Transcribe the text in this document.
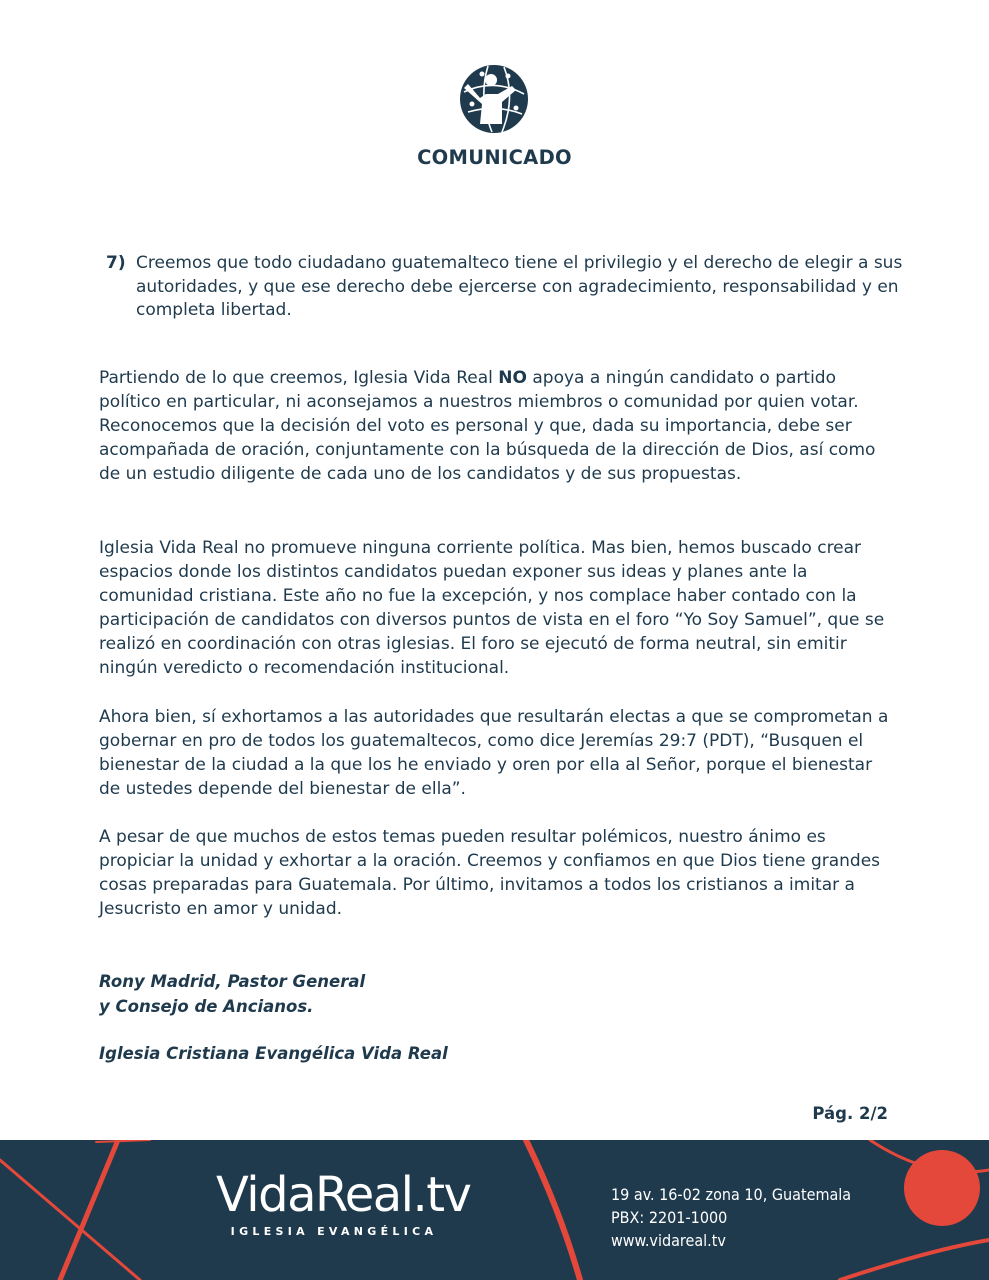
COMUNICADO
7) Creemos que todo ciudadano guatemalteco tiene el privilegio y el derecho de elegir a sus autoridades, y que ese derecho debe ejercerse con agradecimiento, responsabilidad y en completa libertad.

Partiendo de lo que creemos, Iglesia Vida Real NO apoya a ningún candidato o partido político en particular, ni aconsejamos a nuestros miembros o comunidad por quien votar. Reconocemos que la decisión del voto es personal y que, dada su importancia, debe ser acompañada de oración, conjuntamente con la búsqueda de la dirección de Dios, así como de un estudio diligente de cada uno de los candidatos y de sus propuestas.

Iglesia Vida Real no promueve ninguna corriente política. Mas bien, hemos buscado crear espacios donde los distintos candidatos puedan exponer sus ideas y planes ante la comunidad cristiana. Este año no fue la excepción, y nos complace haber contado con la participación de candidatos con diversos puntos de vista en el foro “Yo Soy Samuel”, que se realizó en coordinación con otras iglesias. El foro se ejecutó de forma neutral, sin emitir ningún veredicto o recomendación institucional.

Ahora bien, sí exhortamos a las autoridades que resultarán electas a que se comprometan a gobernar en pro de todos los guatemaltecos, como dice Jeremías 29:7 (PDT), “Busquen el bienestar de la ciudad a la que los he enviado y oren por ella al Señor, porque el bienestar de ustedes depende del bienestar de ella”.

A pesar de que muchos de estos temas pueden resultar polémicos, nuestro ánimo es propiciar la unidad y exhortar a la oración. Creemos y confiamos en que Dios tiene grandes cosas preparadas para Guatemala. Por último, invitamos a todos los cristianos a imitar a Jesucristo en amor y unidad.

Rony Madrid, Pastor General
y Consejo de Ancianos.

Iglesia Cristiana Evangélica Vida Real

Pág. 2/2
VidaReal.tv
IGLESIA EVANGÉLICA
19 av. 16-02 zona 10, Guatemala
PBX: 2201-1000
www.vidareal.tv
